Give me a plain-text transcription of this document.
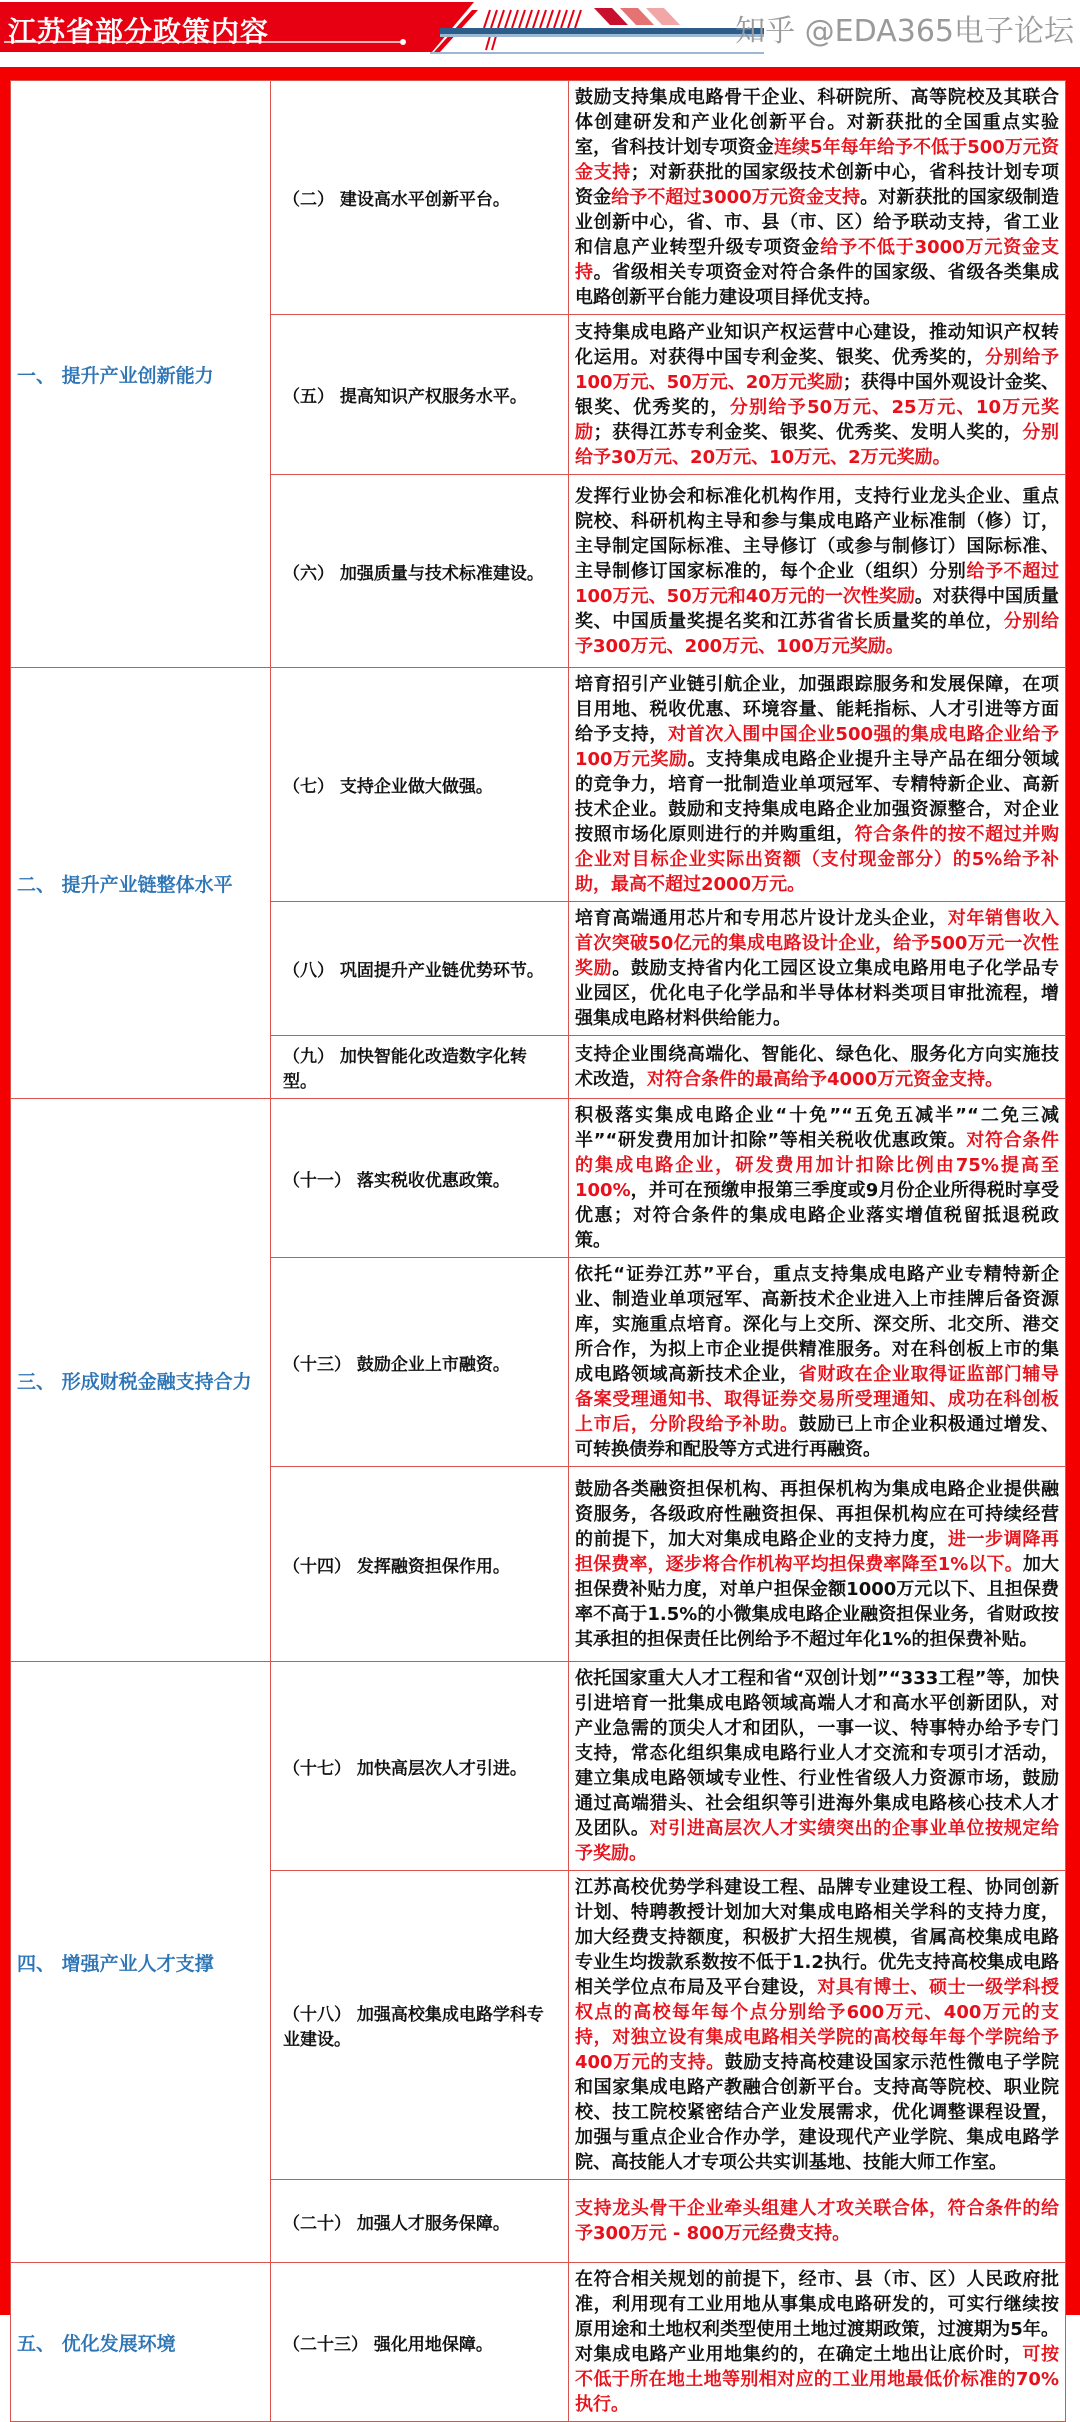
江苏省部分政策内容	知乎 @EDA365电子论坛
一、 提升产业创新能力	（二） 建设高水平创新平台。	鼓励支持集成电路骨干企业、科研院所、高等院校及其联合体创建研发和产业化创新平台。对新获批的全国重点实验室，省科技计划专项资金连续5年每年给予不低于500万元资金支持；对新获批的国家级技术创新中心，省科技计划专项资金给予不超过3000万元资金支持。对新获批的国家级制造业创新中心，省、市、县（市、区）给予联动支持，省工业和信息产业转型升级专项资金给予不低于3000万元资金支持。省级相关专项资金对符合条件的国家级、省级各类集成电路创新平台能力建设项目择优支持。
	（五） 提高知识产权服务水平。	支持集成电路产业知识产权运营中心建设，推动知识产权转化运用。对获得中国专利金奖、银奖、优秀奖的，分别给予100万元、50万元、20万元奖励；获得中国外观设计金奖、银奖、优秀奖的，分别给予50万元、25万元、10万元奖励；获得江苏专利金奖、银奖、优秀奖、发明人奖的，分别给予30万元、20万元、10万元、2万元奖励。
	（六） 加强质量与技术标准建设。	发挥行业协会和标准化机构作用，支持行业龙头企业、重点院校、科研机构主导和参与集成电路产业标准制（修）订，主导制定国际标准、主导修订（或参与制修订）国际标准、主导制修订国家标准的，每个企业（组织）分别给予不超过100万元、50万元和40万元的一次性奖励。对获得中国质量奖、中国质量奖提名奖和江苏省省长质量奖的单位，分别给予300万元、200万元、100万元奖励。
二、 提升产业链整体水平	（七） 支持企业做大做强。	培育招引产业链引航企业，加强跟踪服务和发展保障，在项目用地、税收优惠、环境容量、能耗指标、人才引进等方面给予支持，对首次入围中国企业500强的集成电路企业给予100万元奖励。支持集成电路企业提升主导产品在细分领域的竞争力，培育一批制造业单项冠军、专精特新企业、高新技术企业。鼓励和支持集成电路企业加强资源整合，对企业按照市场化原则进行的并购重组，符合条件的按不超过并购企业对目标企业实际出资额（支付现金部分）的5%给予补助，最高不超过2000万元。
	（八） 巩固提升产业链优势环节。	培育高端通用芯片和专用芯片设计龙头企业，对年销售收入首次突破50亿元的集成电路设计企业，给予500万元一次性奖励。鼓励支持省内化工园区设立集成电路用电子化学品专业园区，优化电子化学品和半导体材料类项目审批流程，增强集成电路材料供给能力。
	（九） 加快智能化改造数字化转型。	支持企业围绕高端化、智能化、绿色化、服务化方向实施技术改造，对符合条件的最高给予4000万元资金支持。
三、 形成财税金融支持合力	（十一） 落实税收优惠政策。	积极落实集成电路企业“十免”“五免五减半”“二免三减半”“研发费用加计扣除”等相关税收优惠政策。对符合条件的集成电路企业，研发费用加计扣除比例由75%提高至100%，并可在预缴申报第三季度或9月份企业所得税时享受优惠；对符合条件的集成电路企业落实增值税留抵退税政策。
	（十三） 鼓励企业上市融资。	依托“证券江苏”平台，重点支持集成电路产业专精特新企业、制造业单项冠军、高新技术企业进入上市挂牌后备资源库，实施重点培育。深化与上交所、深交所、北交所、港交所合作，为拟上市企业提供精准服务。对在科创板上市的集成电路领域高新技术企业，省财政在企业取得证监部门辅导备案受理通知书、取得证券交易所受理通知、成功在科创板上市后，分阶段给予补助。鼓励已上市企业积极通过增发、可转换债券和配股等方式进行再融资。
	（十四） 发挥融资担保作用。	鼓励各类融资担保机构、再担保机构为集成电路企业提供融资服务，各级政府性融资担保、再担保机构应在可持续经营的前提下，加大对集成电路企业的支持力度，进一步调降再担保费率，逐步将合作机构平均担保费率降至1%以下。加大担保费补贴力度，对单户担保金额1000万元以下、且担保费率不高于1.5%的小微集成电路企业融资担保业务，省财政按其承担的担保责任比例给予不超过年化1%的担保费补贴。
四、 增强产业人才支撑	（十七） 加快高层次人才引进。	依托国家重大人才工程和省“双创计划”“333工程”等，加快引进培育一批集成电路领域高端人才和高水平创新团队，对产业急需的顶尖人才和团队，一事一议、特事特办给予专门支持，常态化组织集成电路行业人才交流和专项引才活动，建立集成电路领域专业性、行业性省级人力资源市场，鼓励通过高端猎头、社会组织等引进海外集成电路核心技术人才及团队。对引进高层次人才实绩突出的企事业单位按规定给予奖励。
	（十八） 加强高校集成电路学科专业建设。	江苏高校优势学科建设工程、品牌专业建设工程、协同创新计划、特聘教授计划加大对集成电路相关学科的支持力度，加大经费支持额度，积极扩大招生规模，省属高校集成电路专业生均拨款系数按不低于1.2执行。优先支持高校集成电路相关学位点布局及平台建设，对具有博士、硕士一级学科授权点的高校每年每个点分别给予600万元、400万元的支持，对独立设有集成电路相关学院的高校每年每个学院给予400万元的支持。鼓励支持高校建设国家示范性微电子学院和国家集成电路产教融合创新平台。支持高等院校、职业院校、技工院校紧密结合产业发展需求，优化调整课程设置，加强与重点企业合作办学，建设现代产业学院、集成电路学院、高技能人才专项公共实训基地、技能大师工作室。
	（二十） 加强人才服务保障。	支持龙头骨干企业牵头组建人才攻关联合体，符合条件的给予300万元 - 800万元经费支持。
五、 优化发展环境	（二十三） 强化用地保障。	在符合相关规划的前提下，经市、县（市、区）人民政府批准，利用现有工业用地从事集成电路研发的，可实行继续按原用途和土地权利类型使用土地过渡期政策，过渡期为5年。对集成电路产业用地集约的，在确定土地出让底价时，可按不低于所在地土地等别相对应的工业用地最低价标准的70%执行。
